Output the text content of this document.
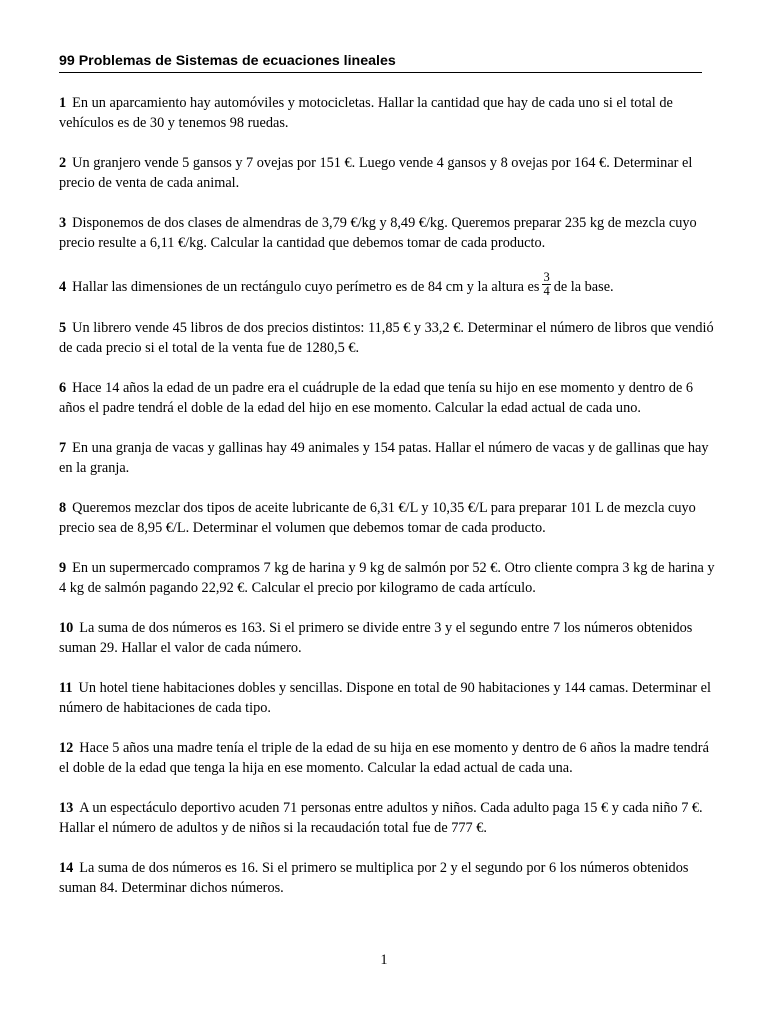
99 Problemas de Sistemas de ecuaciones lineales

1 En un aparcamiento hay automóviles y motocicletas. Hallar la cantidad que hay de cada uno si el total de vehículos es de 30 y tenemos 98 ruedas.

2 Un granjero vende 5 gansos y 7 ovejas por 151 €. Luego vende 4 gansos y 8 ovejas por 164 €. Determinar el precio de venta de cada animal.

3 Disponemos de dos clases de almendras de 3,79 €/kg y 8,49 €/kg. Queremos preparar 235 kg de mezcla cuyo precio resulte a 6,11 €/kg. Calcular la cantidad que debemos tomar de cada producto.

4 Hallar las dimensiones de un rectángulo cuyo perímetro es de 84 cm y la altura es $\frac{3}{4}$ de la base.

5 Un librero vende 45 libros de dos precios distintos: 11,85 € y 33,2 €. Determinar el número de libros que vendió de cada precio si el total de la venta fue de 1280,5 €.

6 Hace 14 años la edad de un padre era el cuádruple de la edad que tenía su hijo en ese momento y dentro de 6 años el padre tendrá el doble de la edad del hijo en ese momento. Calcular la edad actual de cada uno.

7 En una granja de vacas y gallinas hay 49 animales y 154 patas. Hallar el número de vacas y de gallinas que hay en la granja.

8 Queremos mezclar dos tipos de aceite lubricante de 6,31 €/L y 10,35 €/L para preparar 101 L de mezcla cuyo precio sea de 8,95 €/L. Determinar el volumen que debemos tomar de cada producto.

9 En un supermercado compramos 7 kg de harina y 9 kg de salmón por 52 €. Otro cliente compra 3 kg de harina y 4 kg de salmón pagando 22,92 €. Calcular el precio por kilogramo de cada artículo.

10 La suma de dos números es 163. Si el primero se divide entre 3 y el segundo entre 7 los números obtenidos suman 29. Hallar el valor de cada número.

11 Un hotel tiene habitaciones dobles y sencillas. Dispone en total de 90 habitaciones y 144 camas. Determinar el número de habitaciones de cada tipo.

12 Hace 5 años una madre tenía el triple de la edad de su hija en ese momento y dentro de 6 años la madre tendrá el doble de la edad que tenga la hija en ese momento. Calcular la edad actual de cada una.

13 A un espectáculo deportivo acuden 71 personas entre adultos y niños. Cada adulto paga 15 € y cada niño 7 €. Hallar el número de adultos y de niños si la recaudación total fue de 777 €.

14 La suma de dos números es 16. Si el primero se multiplica por 2 y el segundo por 6 los números obtenidos suman 84. Determinar dichos números.

1
